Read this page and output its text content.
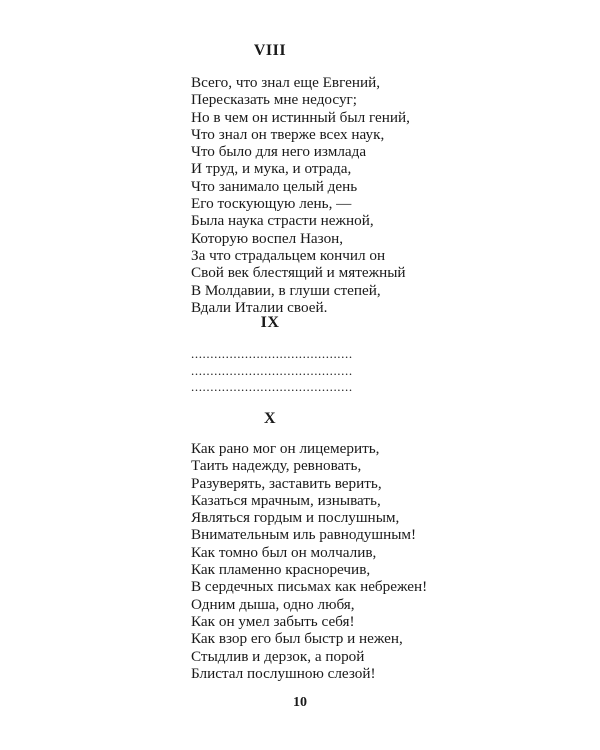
VIII
Всего, что знал еще Евгений,
Пересказать мне недосуг;
Но в чем он истинный был гений,
Что знал он тверже всех наук,
Что было для него измлада
И труд, и мука, и отрада,
Что занимало целый день
Его тоскующую лень, —
Была наука страсти нежной,
Которую воспел Назон,
За что страдальцем кончил он
Свой век блестящий и мятежный
В Молдавии, в глуши степей,
Вдали Италии своей.
IX
..........................................
..........................................
..........................................
X
Как рано мог он лицемерить,
Таить надежду, ревновать,
Разуверять, заставить верить,
Казаться мрачным, изнывать,
Являться гордым и послушным,
Внимательным иль равнодушным!
Как томно был он молчалив,
Как пламенно красноречив,
В сердечных письмах как небрежен!
Одним дыша, одно любя,
Как он умел забыть себя!
Как взор его был быстр и нежен,
Стыдлив и дерзок, а порой
Блистал послушною слезой!
10
